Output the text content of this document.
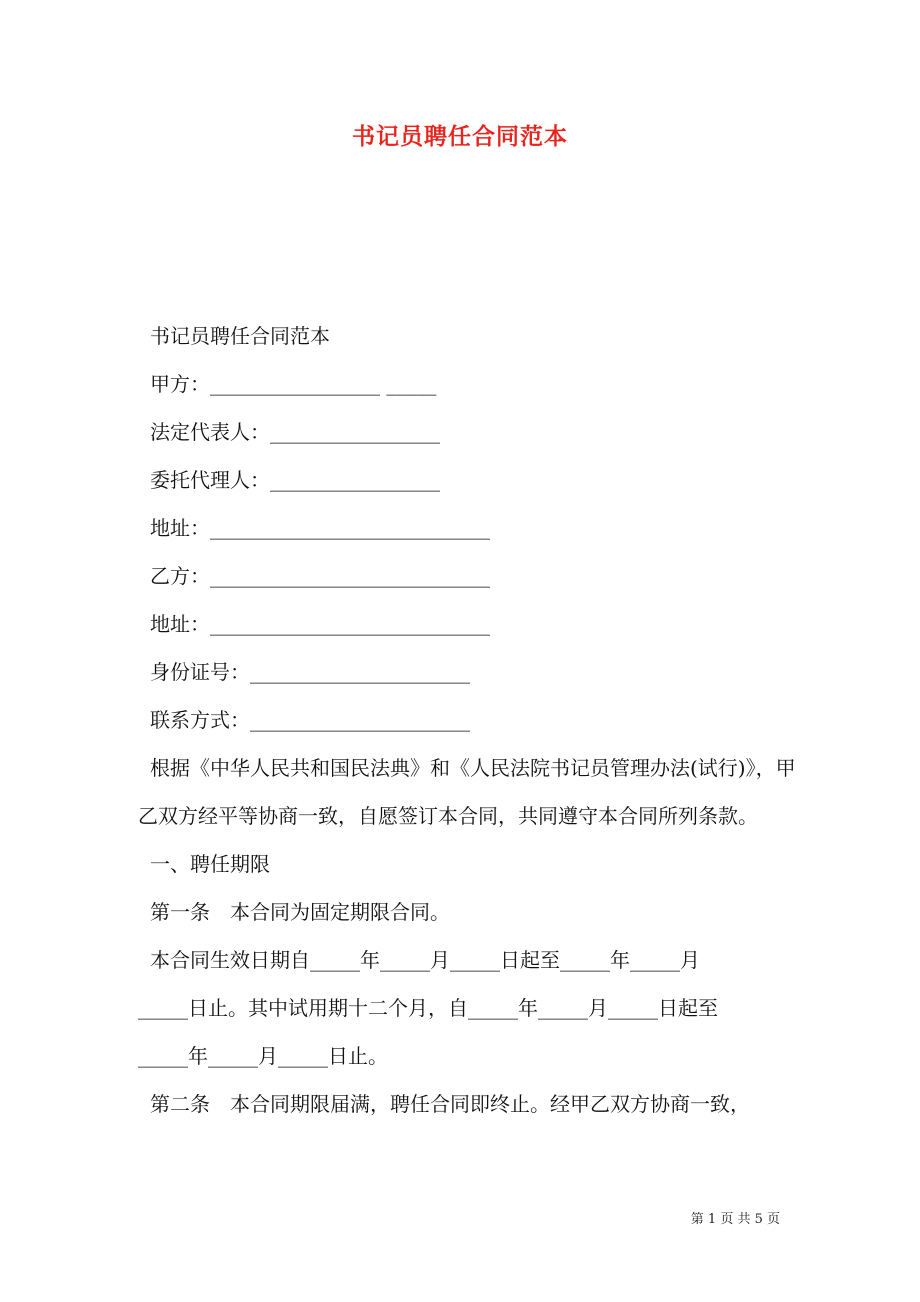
书记员聘任合同范本
书记员聘任合同范本
甲方：_________________ _____
法定代表人：_________________
委托代理人：_________________
地址：____________________________
乙方：____________________________
地址：____________________________
身份证号：______________________
联系方式：______________________
根据《中华人民共和国民法典》和《人民法院书记员管理办法(试行)》，甲乙双方经平等协商一致，自愿签订本合同，共同遵守本合同所列条款。
一、聘任期限
第一条　本合同为固定期限合同。
本合同生效日期自_____年_____月_____日起至_____年_____月
_____日止。其中试用期十二个月，自_____年_____月_____日起至
_____年_____月_____日止。
第二条　本合同期限届满，聘任合同即终止。经甲乙双方协商一致，
第 1 页 共 5 页
